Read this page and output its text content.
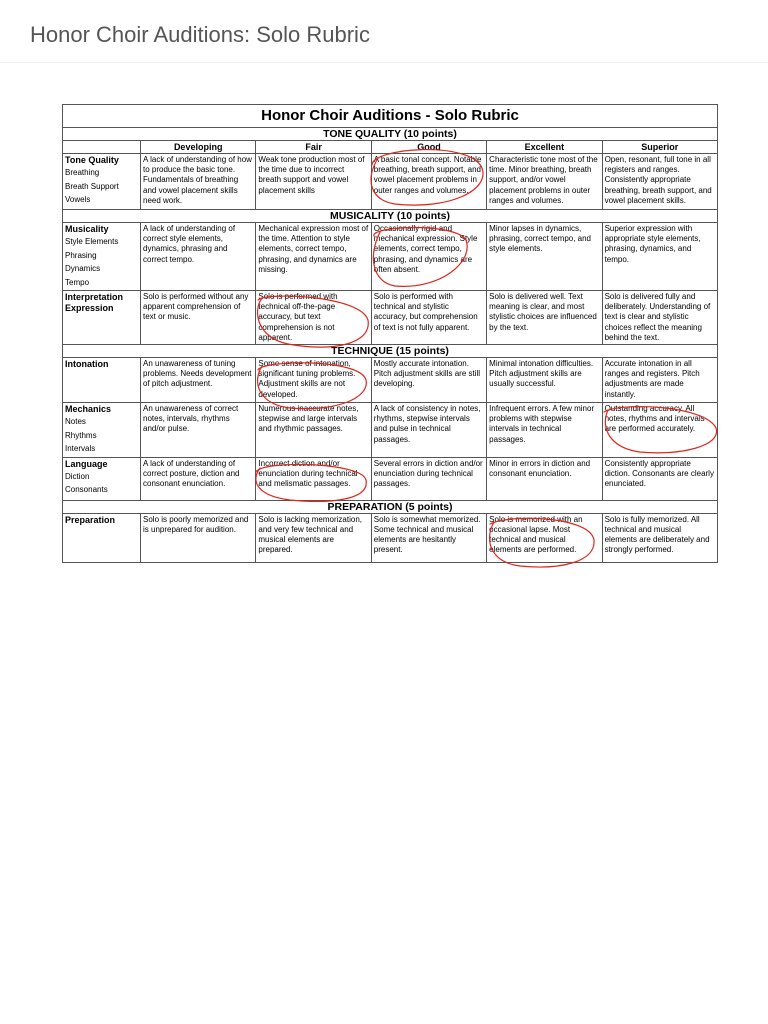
Honor Choir Auditions: Solo Rubric
Honor Choir Auditions - Solo Rubric					
TONE QUALITY (10 points)					
	Developing	Fair	Good	Excellent	Superior

Tone Quality
Breathing
Breath Support
Vowels	A lack of understanding of how to produce the basic tone. Fundamentals of breathing and vowel placement skills need work.	Weak tone production most of the time due to incorrect breath support and vowel placement skills	A basic tonal concept. Notable breathing, breath support, and vowel placement problems in outer ranges and volumes.	Characteristic tone most of the time. Minor breathing, breath support, and/or vowel placement problems in outer ranges and volumes.	Open, resonant, full tone in all registers and ranges. Consistently appropriate breathing, breath support, and vowel placement skills.
MUSICALITY (10 points)					

Musicality
Style Elements
Phrasing
Dynamics
Tempo	A lack of understanding of correct style elements, dynamics, phrasing and correct tempo.	Mechanical expression most of the time. Attention to style elements, correct tempo, phrasing, and dynamics are missing.	Occasionally rigid and mechanical expression. Style elements, correct tempo, phrasing, and dynamics are often absent.	Minor lapses in dynamics, phrasing, correct tempo, and style elements.	Superior expression with appropriate style elements, phrasing, dynamics, and tempo.

Interpretation Expression	Solo is performed without any apparent comprehension of text or music.	Solo is performed with technical off-the-page accuracy, but text comprehension is not apparent.	Solo is performed with technical and stylistic accuracy, but comprehension of text is not fully apparent.	Solo is delivered well. Text meaning is clear, and most stylistic choices are influenced by the text.	Solo is delivered fully and deliberately. Understanding of text is clear and stylistic choices reflect the meaning behind the text.
TECHNIQUE (15 points)					

Intonation	An unawareness of tuning problems. Needs development of pitch adjustment.	Some sense of intonation, significant tuning problems. Adjustment skills are not developed.	Mostly accurate intonation. Pitch adjustment skills are still developing.	Minimal intonation difficulties. Pitch adjustment skills are usually successful.	Accurate intonation in all ranges and registers. Pitch adjustments are made instantly.

Mechanics
Notes
Rhythms
Intervals	An unawareness of correct notes, intervals, rhythms and/or pulse.	Numerous inaccurate notes, stepwise and large intervals and rhythmic passages.	A lack of consistency in notes, rhythms, stepwise intervals and pulse in technical passages.	Infrequent errors. A few minor problems with stepwise intervals in technical passages.	Outstanding accuracy. All notes, rhythms and intervals are performed accurately.

Language
Diction
Consonants	A lack of understanding of correct posture, diction and consonant enunciation.	Incorrect diction and/or enunciation during technical and melismatic passages.	Several errors in diction and/or enunciation during technical passages.	Minor in errors in diction and consonant enunciation.	Consistently appropriate diction. Consonants are clearly enunciated.
PREPARATION (5 points)					

Preparation	Solo is poorly memorized and is unprepared for audition.	Solo is lacking memorization, and very few technical and musical elements are prepared.	Solo is somewhat memorized. Some technical and musical elements are hesitantly present.	Solo is memorized with an occasional lapse. Most technical and musical elements are performed.	Solo is fully memorized. All technical and musical elements are deliberately and strongly performed.
